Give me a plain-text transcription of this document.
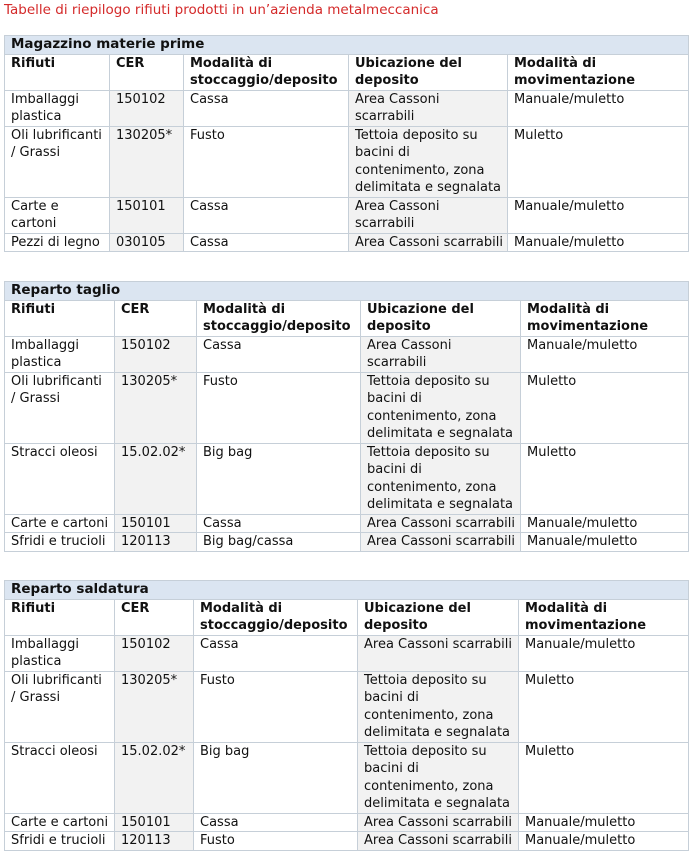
Tabelle di riepilogo rifiuti prodotti in un’azienda metalmeccanica
Magazzino materie prime				
Rifiuti	CER	Modalità di stoccaggio/deposito	Ubicazione del deposito	Modalità di movimentazione
Imballaggi plastica	150102	Cassa	Area Cassoni scarrabili	Manuale/muletto
Oli lubrificanti / Grassi	130205*	Fusto	Tettoia deposito su bacini di contenimento, zona delimitata e segnalata	Muletto
Carte e cartoni	150101	Cassa	Area Cassoni scarrabili	Manuale/muletto
Pezzi di legno	030105	Cassa	Area Cassoni scarrabili	Manuale/muletto
Reparto taglio				
Rifiuti	CER	Modalità di stoccaggio/deposito	Ubicazione del deposito	Modalità di movimentazione
Imballaggi plastica	150102	Cassa	Area Cassoni scarrabili	Manuale/muletto
Oli lubrificanti / Grassi	130205*	Fusto	Tettoia deposito su bacini di contenimento, zona delimitata e segnalata	Muletto
Stracci oleosi	15.02.02*	Big bag	Tettoia deposito su bacini di contenimento, zona delimitata e segnalata	Muletto
Carte e cartoni	150101	Cassa	Area Cassoni scarrabili	Manuale/muletto
Sfridi e trucioli	120113	Big bag/cassa	Area Cassoni scarrabili	Manuale/muletto
Reparto saldatura				
Rifiuti	CER	Modalità di stoccaggio/deposito	Ubicazione del deposito	Modalità di movimentazione
Imballaggi plastica	150102	Cassa	Area Cassoni scarrabili	Manuale/muletto
Oli lubrificanti / Grassi	130205*	Fusto	Tettoia deposito su bacini di contenimento, zona delimitata e segnalata	Muletto
Stracci oleosi	15.02.02*	Big bag	Tettoia deposito su bacini di contenimento, zona delimitata e segnalata	Muletto
Carte e cartoni	150101	Cassa	Area Cassoni scarrabili	Manuale/muletto
Sfridi e trucioli	120113	Fusto	Area Cassoni scarrabili	Manuale/muletto
